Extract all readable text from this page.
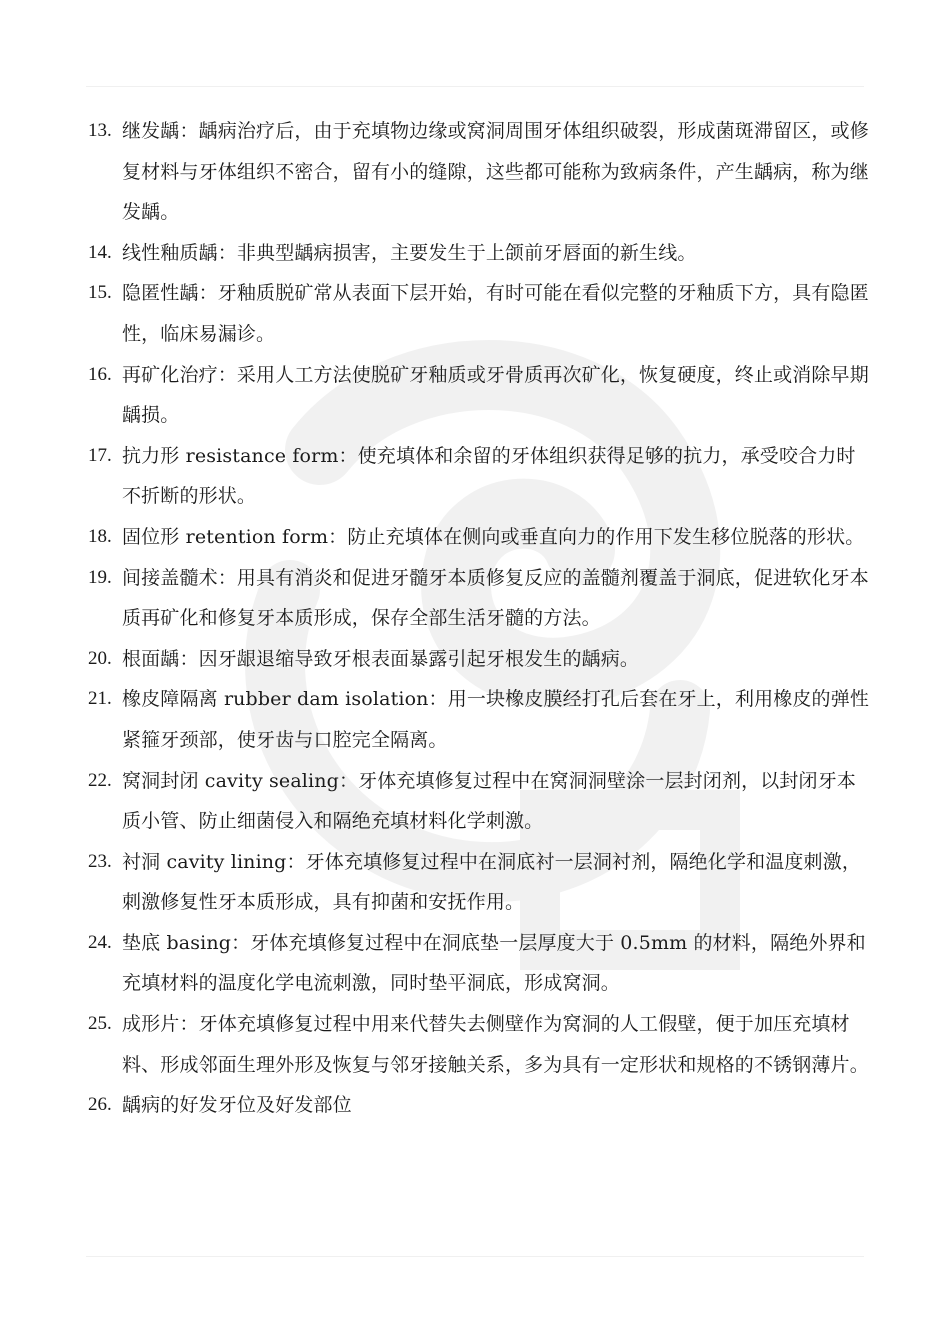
13. 继发龋：龋病治疗后，由于充填物边缘或窝洞周围牙体组织破裂，形成菌斑滞留区，或修复材料与牙体组织不密合，留有小的缝隙，这些都可能称为致病条件，产生龋病，称为继发龋。

14. 线性釉质龋：非典型龋病损害，主要发生于上颌前牙唇面的新生线。

15. 隐匿性龋：牙釉质脱矿常从表面下层开始，有时可能在看似完整的牙釉质下方，具有隐匿性，临床易漏诊。

16. 再矿化治疗：采用人工方法使脱矿牙釉质或牙骨质再次矿化，恢复硬度，终止或消除早期龋损。

17. 抗力形 resistance form：使充填体和余留的牙体组织获得足够的抗力，承受咬合力时不折断的形状。

18. 固位形 retention form：防止充填体在侧向或垂直向力的作用下发生移位脱落的形状。

19. 间接盖髓术：用具有消炎和促进牙髓牙本质修复反应的盖髓剂覆盖于洞底，促进软化牙本质再矿化和修复牙本质形成，保存全部生活牙髓的方法。

20. 根面龋：因牙龈退缩导致牙根表面暴露引起牙根发生的龋病。

21. 橡皮障隔离 rubber dam isolation：用一块橡皮膜经打孔后套在牙上，利用橡皮的弹性紧箍牙颈部，使牙齿与口腔完全隔离。

22. 窝洞封闭 cavity sealing：牙体充填修复过程中在窝洞洞壁涂一层封闭剂，以封闭牙本质小管、防止细菌侵入和隔绝充填材料化学刺激。

23. 衬洞 cavity lining：牙体充填修复过程中在洞底衬一层洞衬剂，隔绝化学和温度刺激，刺激修复性牙本质形成，具有抑菌和安抚作用。

24. 垫底 basing：牙体充填修复过程中在洞底垫一层厚度大于 0.5mm 的材料，隔绝外界和充填材料的温度化学电流刺激，同时垫平洞底，形成窝洞。

25. 成形片：牙体充填修复过程中用来代替失去侧壁作为窝洞的人工假壁，便于加压充填材料、形成邻面生理外形及恢复与邻牙接触关系，多为具有一定形状和规格的不锈钢薄片。

26. 龋病的好发牙位及好发部位
